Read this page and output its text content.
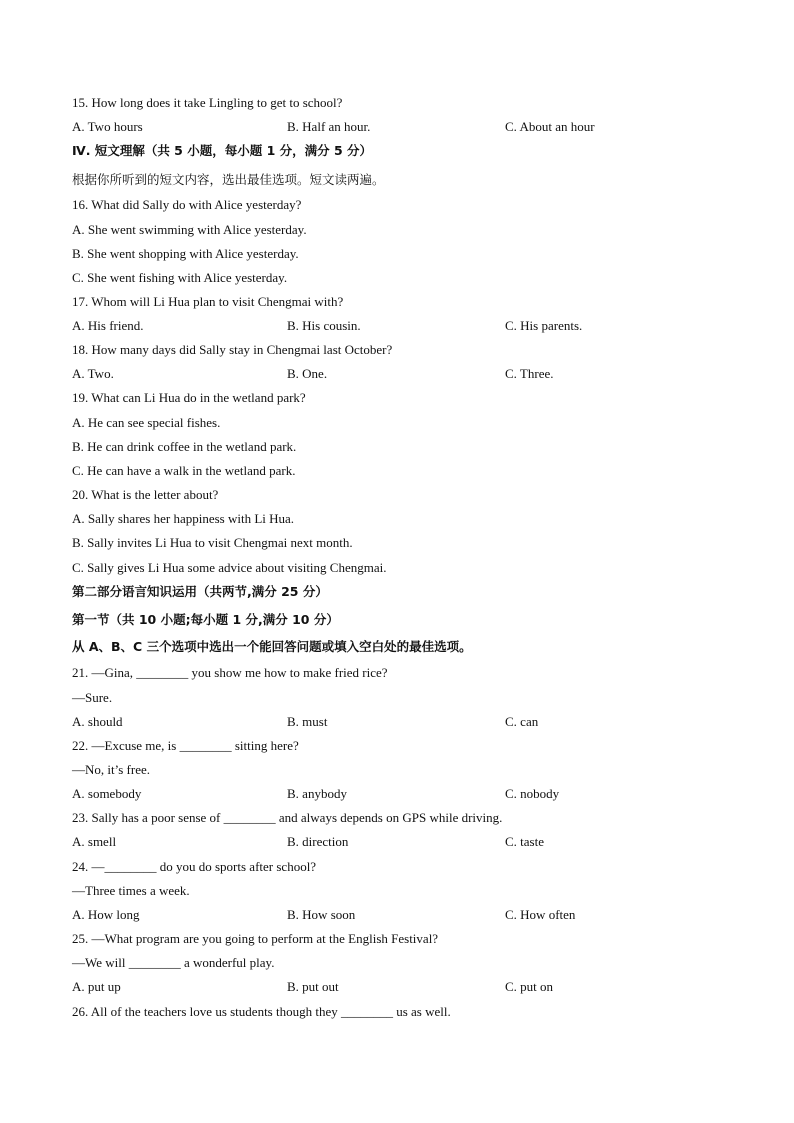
15. How long does it take Lingling to get to school?
A. Two hours	B. Half an hour.	C. About an hour
Ⅳ. 短文理解（共 5 小题，每小题 1 分，满分 5 分）
根据你所听到的短文内容，选出最佳选项。短文读两遍。
16. What did Sally do with Alice yesterday?
A. She went swimming with Alice yesterday.
B. She went shopping with Alice yesterday.
C. She went fishing with Alice yesterday.
17. Whom will Li Hua plan to visit Chengmai with?
A. His friend.	B. His cousin.	C. His parents.
18. How many days did Sally stay in Chengmai last October?
A. Two.	B. One.	C. Three.
19. What can Li Hua do in the wetland park?
A. He can see special fishes.
B. He can drink coffee in the wetland park.
C. He can have a walk in the wetland park.
20. What is the letter about?
A. Sally shares her happiness with Li Hua.
B. Sally invites Li Hua to visit Chengmai next month.
C. Sally gives Li Hua some advice about visiting Chengmai.
第二部分语言知识运用（共两节,满分 25 分）
第一节（共 10 小题;每小题 1 分,满分 10 分）
从 A、B、C 三个选项中选出一个能回答问题或填入空白处的最佳选项。
21. —Gina, ________ you show me how to make fried rice?
—Sure.
A. should	B. must	C. can
22. —Excuse me, is ________ sitting here?
—No, it’s free.
A. somebody	B. anybody	C. nobody
23. Sally has a poor sense of ________ and always depends on GPS while driving.
A. smell	B. direction	C. taste
24. —________ do you do sports after school?
—Three times a week.
A. How long	B. How soon	C. How often
25. —What program are you going to perform at the English Festival?
—We will ________ a wonderful play.
A. put up	B. put out	C. put on
26. All of the teachers love us students though they ________ us as well.
